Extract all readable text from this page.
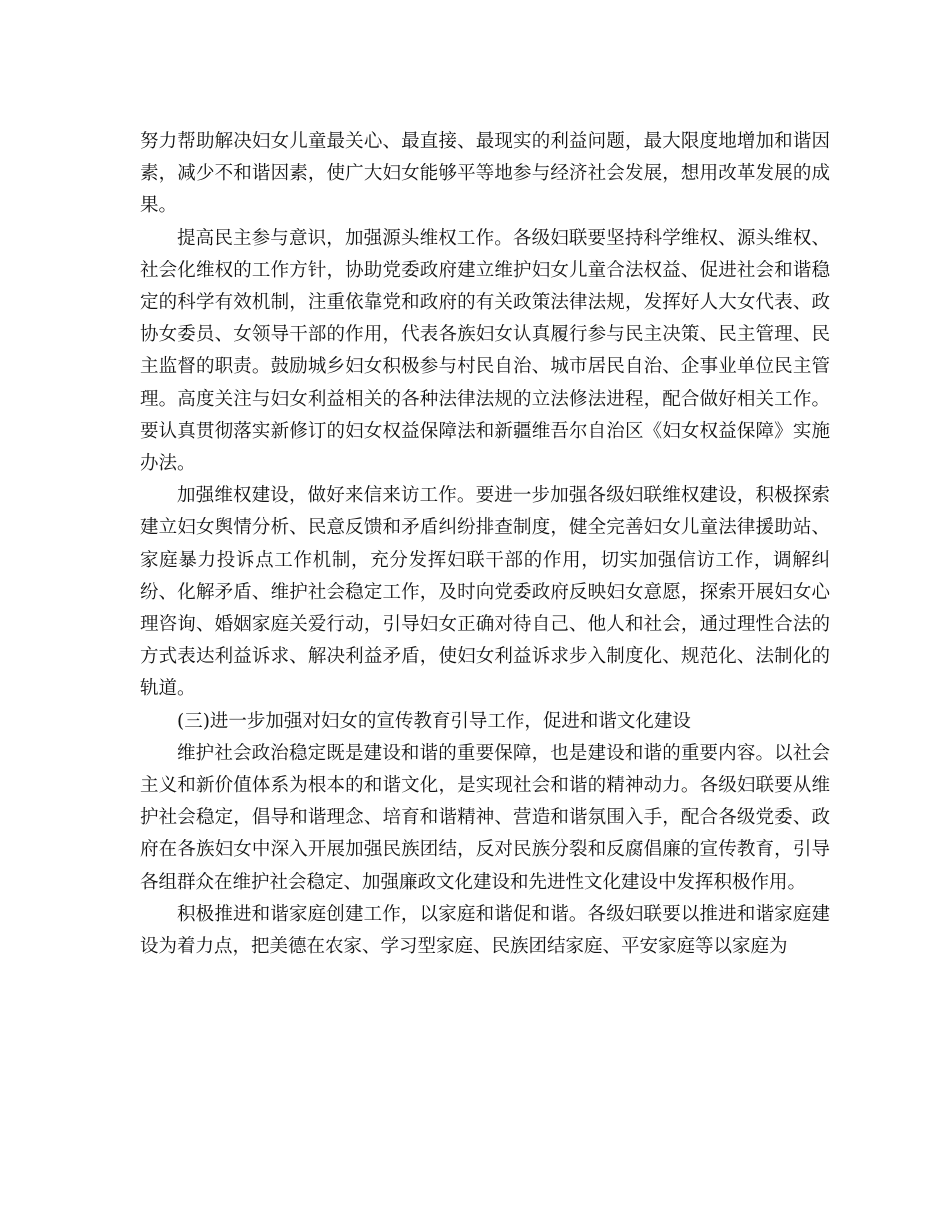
努力帮助解决妇女儿童最关心、最直接、最现实的利益问题，最大限度地增加和谐因素，减少不和谐因素，使广大妇女能够平等地参与经济社会发展，想用改革发展的成果。

提高民主参与意识，加强源头维权工作。各级妇联要坚持科学维权、源头维权、社会化维权的工作方针，协助党委政府建立维护妇女儿童合法权益、促进社会和谐稳定的科学有效机制，注重依靠党和政府的有关政策法律法规，发挥好人大女代表、政协女委员、女领导干部的作用，代表各族妇女认真履行参与民主决策、民主管理、民主监督的职责。鼓励城乡妇女积极参与村民自治、城市居民自治、企事业单位民主管理。高度关注与妇女利益相关的各种法律法规的立法修法进程，配合做好相关工作。要认真贯彻落实新修订的妇女权益保障法和新疆维吾尔自治区《妇女权益保障》实施办法。

加强维权建设，做好来信来访工作。要进一步加强各级妇联维权建设，积极探索建立妇女舆情分析、民意反馈和矛盾纠纷排查制度，健全完善妇女儿童法律援助站、家庭暴力投诉点工作机制，充分发挥妇联干部的作用，切实加强信访工作，调解纠纷、化解矛盾、维护社会稳定工作，及时向党委政府反映妇女意愿，探索开展妇女心理咨询、婚姻家庭关爱行动，引导妇女正确对待自己、他人和社会，通过理性合法的方式表达利益诉求、解决利益矛盾，使妇女利益诉求步入制度化、规范化、法制化的轨道。

(三)进一步加强对妇女的宣传教育引导工作，促进和谐文化建设

维护社会政治稳定既是建设和谐的重要保障，也是建设和谐的重要内容。以社会主义和新价值体系为根本的和谐文化，是实现社会和谐的精神动力。各级妇联要从维护社会稳定，倡导和谐理念、培育和谐精神、营造和谐氛围入手，配合各级党委、政府在各族妇女中深入开展加强民族团结，反对民族分裂和反腐倡廉的宣传教育，引导各组群众在维护社会稳定、加强廉政文化建设和先进性文化建设中发挥积极作用。

积极推进和谐家庭创建工作，以家庭和谐促和谐。各级妇联要以推进和谐家庭建设为着力点，把美德在农家、学习型家庭、民族团结家庭、平安家庭等以家庭为
